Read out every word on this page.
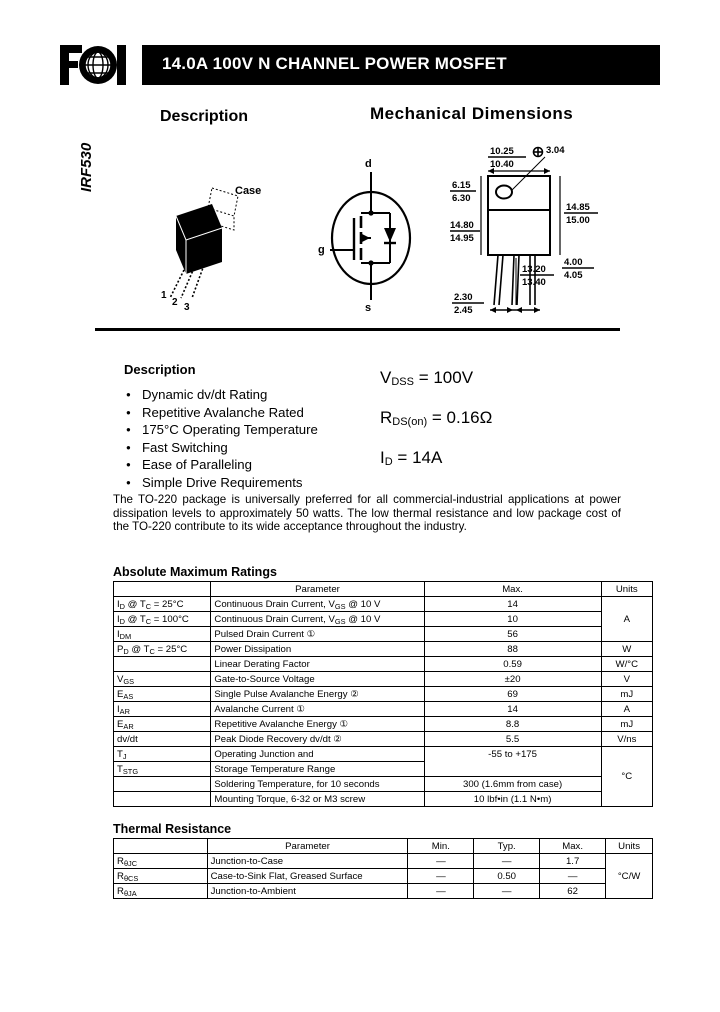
14.0A 100V N CHANNEL POWER MOSFET
Description	Mechanical Dimensions
IRF530	Case
1
2 3
d
g
s
10.25
10.40
3.04
6.15
6.30
14.80
14.95
14.85
15.00
4.00
4.05
13.20
13.40
2.30
2.45
Description
● Dynamic dv/dt Rating
● Repetitive Avalanche Rated
● 175°C Operating Temperature
● Fast Switching
● Ease of Paralleling
● Simple Drive Requirements
$V_{DSS} = 100V$
$R_{DS(on)} = 0.16\Omega$
$I_D = 14A$
The TO-220 package is universally preferred for all commercial-industrial applications at power dissipation levels to approximately 50 watts. The low thermal resistance and low package cost of the TO-220 contribute to its wide acceptance throughout the industry.
Absolute Maximum Ratings
	Parameter	Max.	Units
$I_D$ @ $T_C = 25^\circ C$	Continuous Drain Current, $V_{GS}$ @ 10 V	14	A
$I_D$ @ $T_C = 100^\circ C$	Continuous Drain Current, $V_{GS}$ @ 10 V	10	
$I_{DM}$	Pulsed Drain Current ①	56	
$P_D$ @ $T_C = 25^\circ C$	Power Dissipation	88	W
	Linear Derating Factor	0.59	W/°C
$V_{GS}$	Gate-to-Source Voltage	±20	V
$E_{AS}$	Single Pulse Avalanche Energy ②	69	mJ
$I_{AR}$	Avalanche Current ①	14	A
$E_{AR}$	Repetitive Avalanche Energy ①	8.8	mJ
dv/dt	Peak Diode Recovery dv/dt ②	5.5	V/ns
$T_J$	Operating Junction and	-55 to +175	°C
$T_{STG}$	Storage Temperature Range		
	Soldering Temperature, for 10 seconds	300 (1.6mm from case)	
	Mounting Torque, 6-32 or M3 screw	10 lbf•in (1.1 N•m)	
Thermal Resistance
	Parameter	Min.	Typ.	Max.	Units
$R_{\theta JC}$	Junction-to-Case	—	—	1.7	°C/W
$R_{\theta CS}$	Case-to-Sink Flat, Greased Surface	—	0.50	—	
$R_{\theta JA}$	Junction-to-Ambient	—	—	62	
